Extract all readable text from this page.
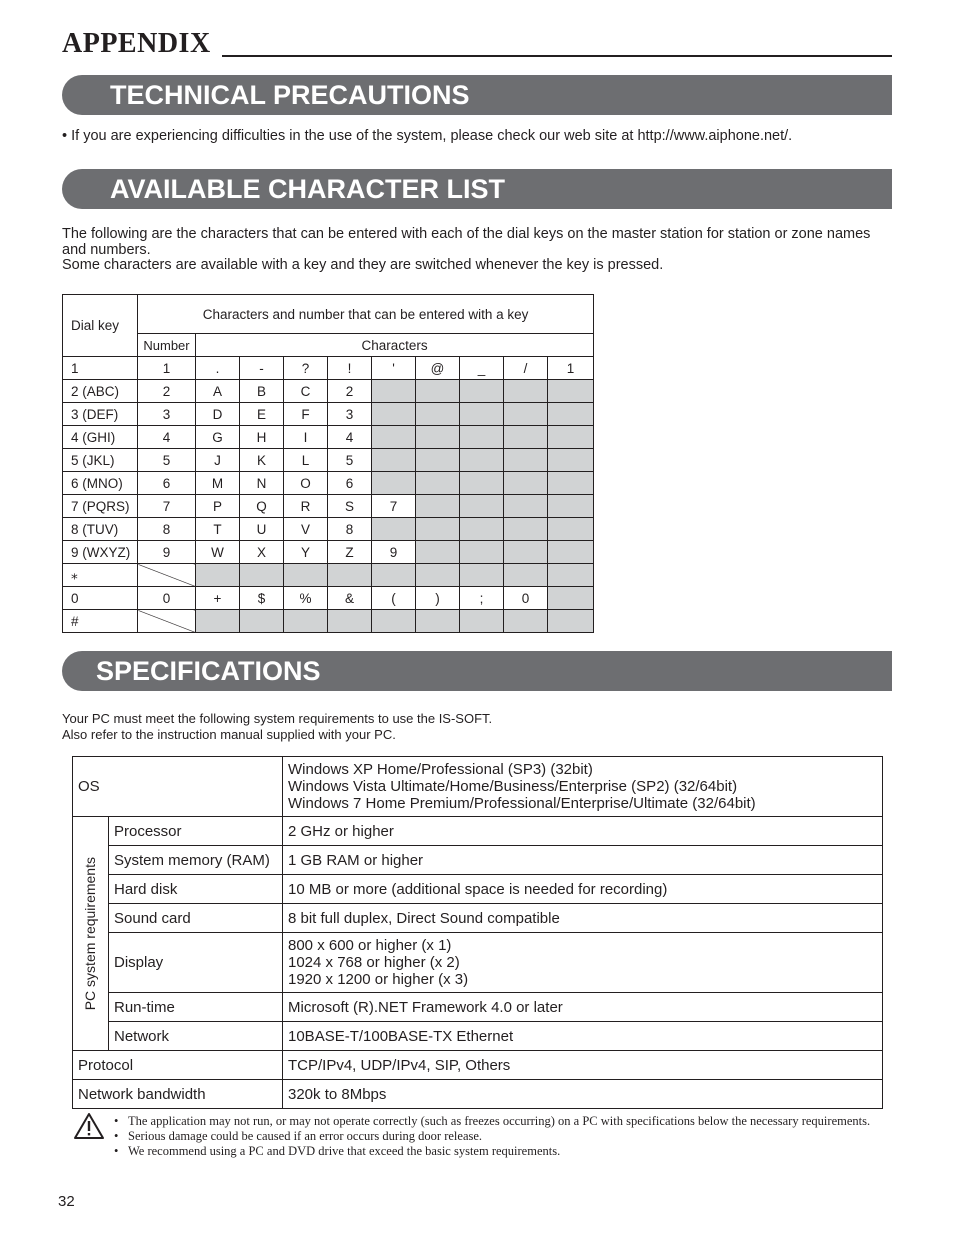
APPENDIX
TECHNICAL PRECAUTIONS
• If you are experiencing difficulties in the use of the system, please check our web site at http://www.aiphone.net/.
AVAILABLE CHARACTER LIST
The following are the characters that can be entered with each of the dial keys on the master station for station or zone names and numbers.
Some characters are available with a key and they are switched whenever the key is pressed.
Dial key	Characters and number that can be entered with a key									
	Number	Characters								
1	1	.	-	?	!	'	@	_	/	1
2 (ABC)	2	A	B	C	2					
3 (DEF)	3	D	E	F	3					
4 (GHI)	4	G	H	I	4					
5 (JKL)	5	J	K	L	5					
6 (MNO)	6	M	N	O	6					
7 (PQRS)	7	P	Q	R	S	7				
8 (TUV)	8	T	U	V	8					
9 (WXYZ)	9	W	X	Y	Z	9				
⁎										
0	0	+	$	%	&	(	)	;	0	
#										
SPECIFICATIONS
Your PC must meet the following system requirements to use the IS-SOFT.
Also refer to the instruction manual supplied with your PC.
OS		Windows XP Home/Professional (SP3) (32bit)
Windows Vista Ultimate/Home/Business/Enterprise (SP2) (32/64bit)
Windows 7 Home Premium/Professional/Enterprise/Ultimate (32/64bit)

PC system requirements	Processor	2 GHz or higher
	System memory (RAM)	1 GB RAM or higher
	Hard disk	10 MB or more (additional space is needed for recording)
	Sound card	8 bit full duplex, Direct Sound compatible
	Display	800 x 600 or higher (x 1)
1024 x 768 or higher (x 2)
1920 x 1200 or higher (x 3)

	Run-time	Microsoft (R).NET Framework 4.0 or later
	Network	10BASE-T/100BASE-TX Ethernet
Protocol		TCP/IPv4, UDP/IPv4, SIP, Others
Network bandwidth		320k to 8Mbps
• The application may not run, or may not operate correctly (such as freezes occurring) on a PC with specifications below the necessary requirements.
• Serious damage could be caused if an error occurs during door release.
• We recommend using a PC and DVD drive that exceed the basic system requirements.
32
